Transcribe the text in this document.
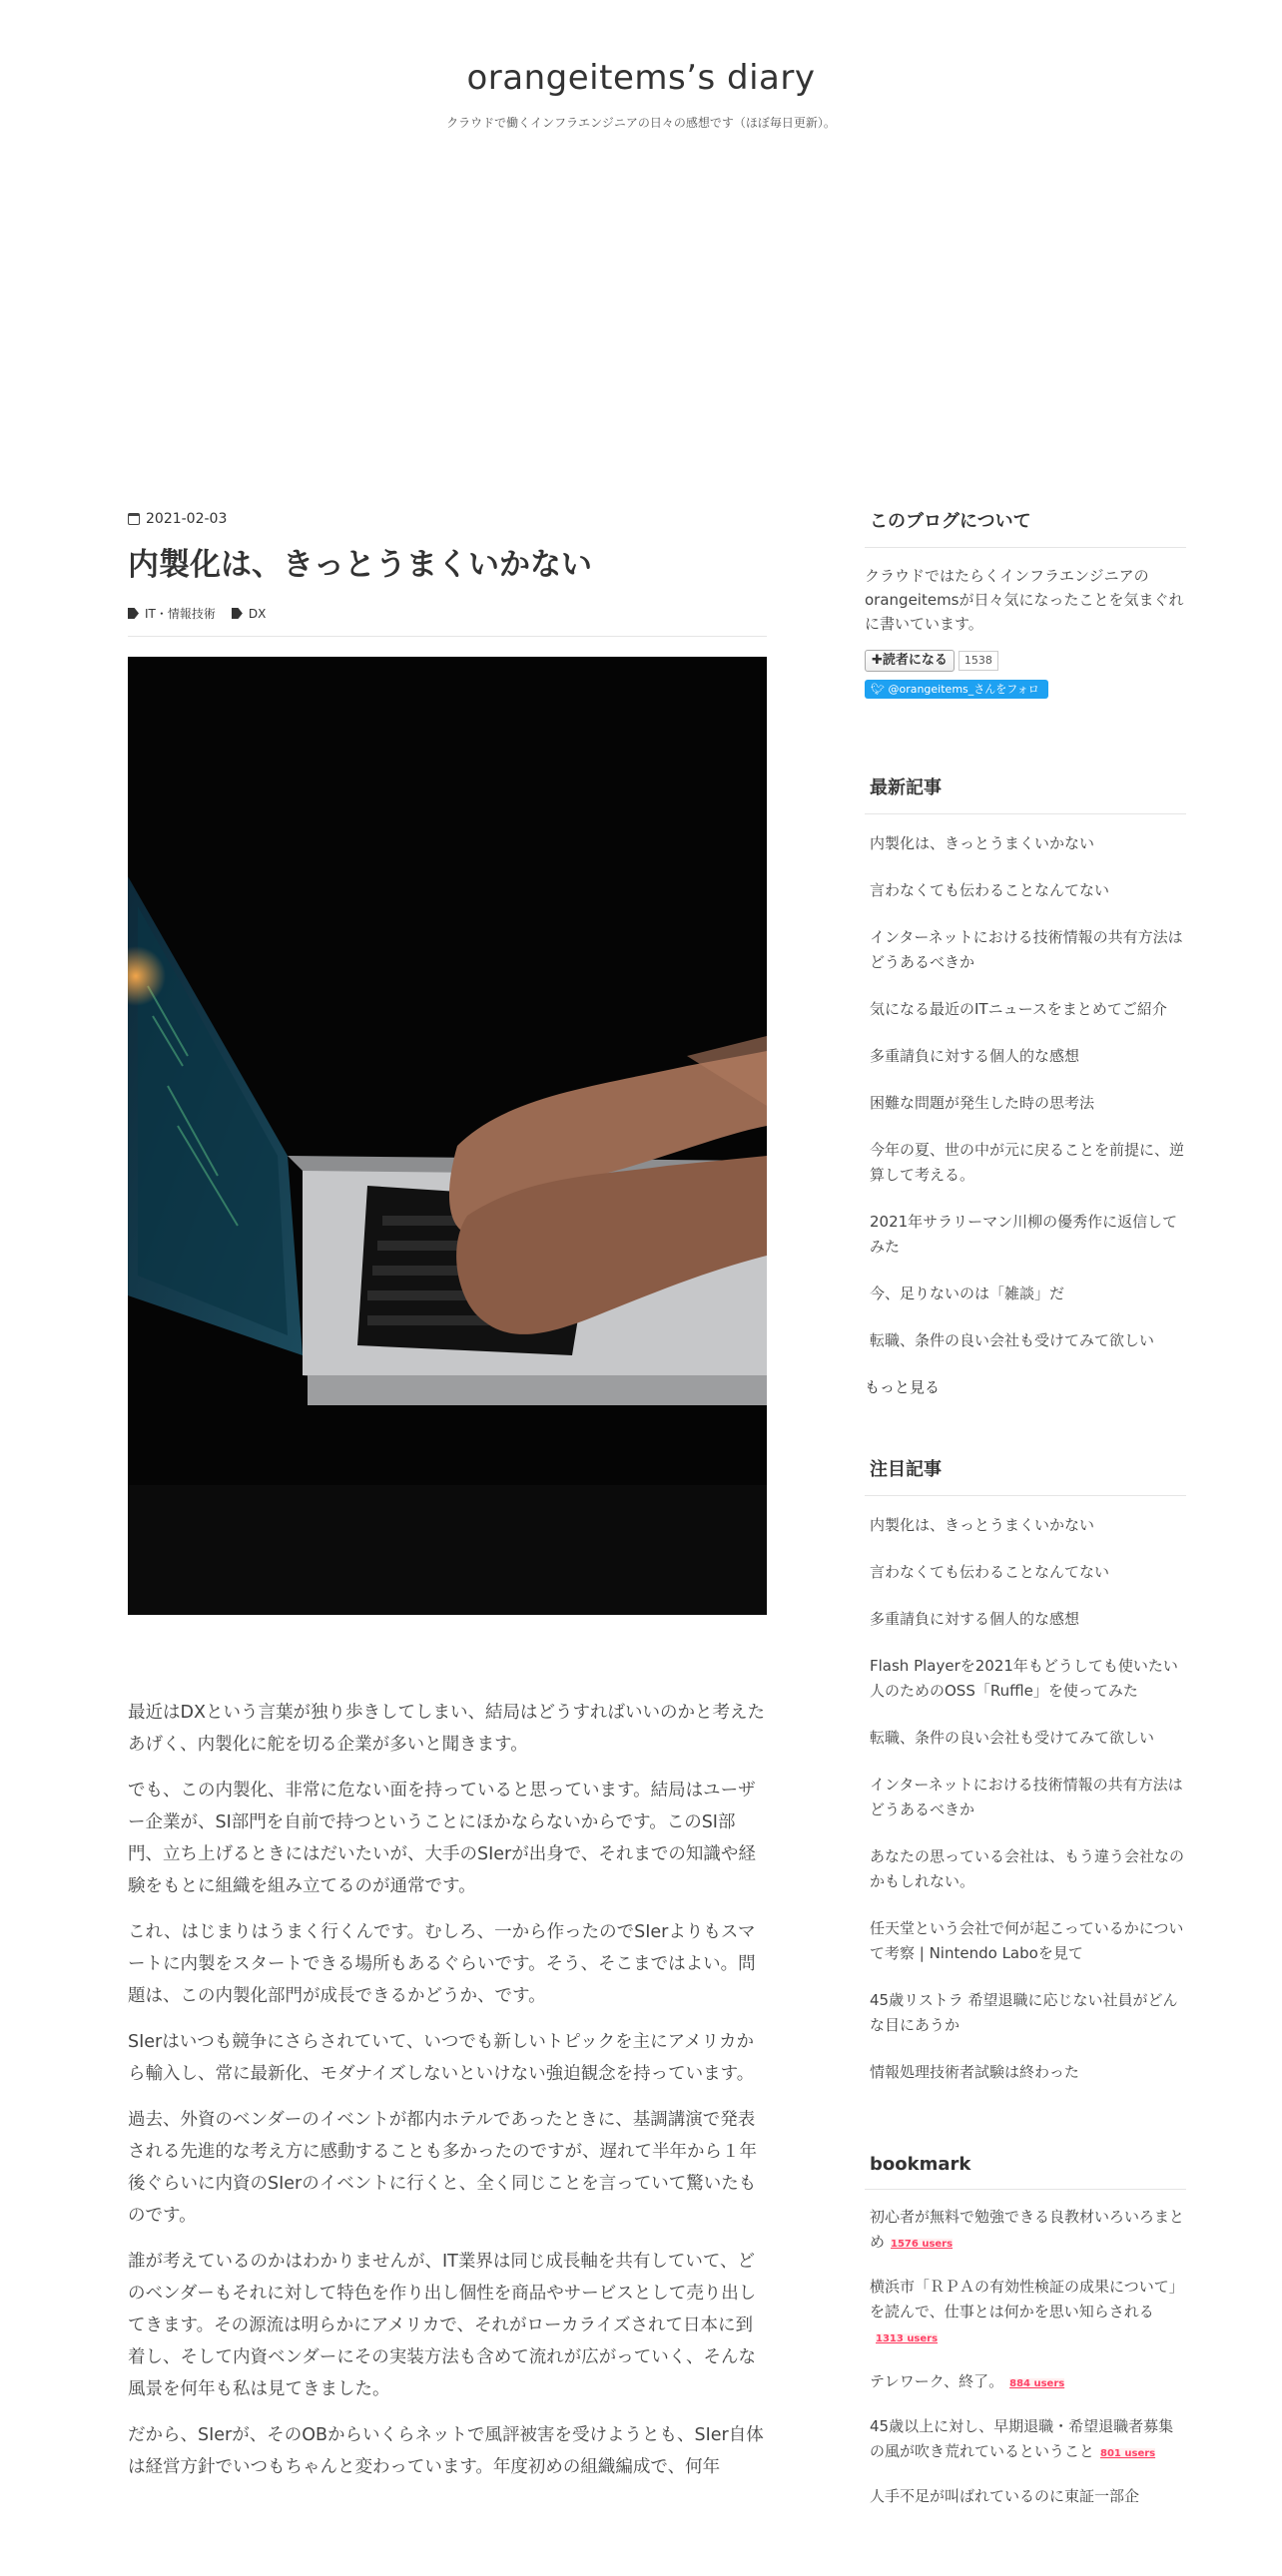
orangeitems’s diary
クラウドで働くインフラエンジニアの日々の感想です（ほぼ毎日更新）。
2021-02-03
内製化は、きっとうまくいかない
IT・情報技術	DX

最近はDXという言葉が独り歩きしてしまい、結局はどうすればいいのかと考えたあげく、内製化に舵を切る企業が多いと聞きます。

でも、この内製化、非常に危ない面を持っていると思っています。結局はユーザー企業が、SI部門を自前で持つということにほかならないからです。このSI部門、立ち上げるときにはだいたいが、大手のSIerが出身で、それまでの知識や経験をもとに組織を組み立てるのが通常です。

これ、はじまりはうまく行くんです。むしろ、一から作ったのでSIerよりもスマートに内製をスタートできる場所もあるぐらいです。そう、そこまではよい。問題は、この内製化部門が成長できるかどうか、です。

SIerはいつも競争にさらされていて、いつでも新しいトピックを主にアメリカから輸入し、常に最新化、モダナイズしないといけない強迫観念を持っています。

過去、外資のベンダーのイベントが都内ホテルであったときに、基調講演で発表される先進的な考え方に感動することも多かったのですが、遅れて半年から１年後ぐらいに内資のSIerのイベントに行くと、全く同じことを言っていて驚いたものです。

誰が考えているのかはわかりませんが、IT業界は同じ成長軸を共有していて、どのベンダーもそれに対して特色を作り出し個性を商品やサービスとして売り出してきます。その源流は明らかにアメリカで、それがローカライズされて日本に到着し、そして内資ベンダーにその実装方法も含めて流れが広がっていく、そんな風景を何年も私は見てきました。

だから、SIerが、そのOBからいくらネットで風評被害を受けようとも、SIer自体は経営方針でいつもちゃんと変わっています。年度初めの組織編成で、何年

このブログについて
クラウドではたらくインフラエンジニアのorangeitemsが日々気になったことを気まぐれに書いています。
✚読者になる	1538
🐦︎ @orangeitems_さんをフォロー
最新記事
内製化は、きっとうまくいかない
言わなくても伝わることなんてない
インターネットにおける技術情報の共有方法はどうあるべきか
気になる最近のITニュースをまとめてご紹介
多重請負に対する個人的な感想
困難な問題が発生した時の思考法
今年の夏、世の中が元に戻ることを前提に、逆算して考える。
2021年サラリーマン川柳の優秀作に返信してみた
今、足りないのは「雑談」だ
転職、条件の良い会社も受けてみて欲しい
もっと見る
注目記事
内製化は、きっとうまくいかない
言わなくても伝わることなんてない
多重請負に対する個人的な感想
Flash Playerを2021年もどうしても使いたい人のためのOSS「Ruffle」を使ってみた
転職、条件の良い会社も受けてみて欲しい
インターネットにおける技術情報の共有方法はどうあるべきか
あなたの思っている会社は、もう違う会社なのかもしれない。
任天堂という会社で何が起こっているかについて考察 | Nintendo Laboを見て
45歳リストラ 希望退職に応じない社員がどんな目にあうか
情報処理技術者試験は終わった
bookmark
初心者が無料で勉強できる良教材いろいろまとめ 1576 users
横浜市「ＲＰＡの有効性検証の成果について」を読んで、仕事とは何かを思い知らされる1313 users
テレワーク、終了。 884 users
45歳以上に対し、早期退職・希望退職者募集の風が吹き荒れているということ 801 users
人手不足が叫ばれているのに東証一部企
